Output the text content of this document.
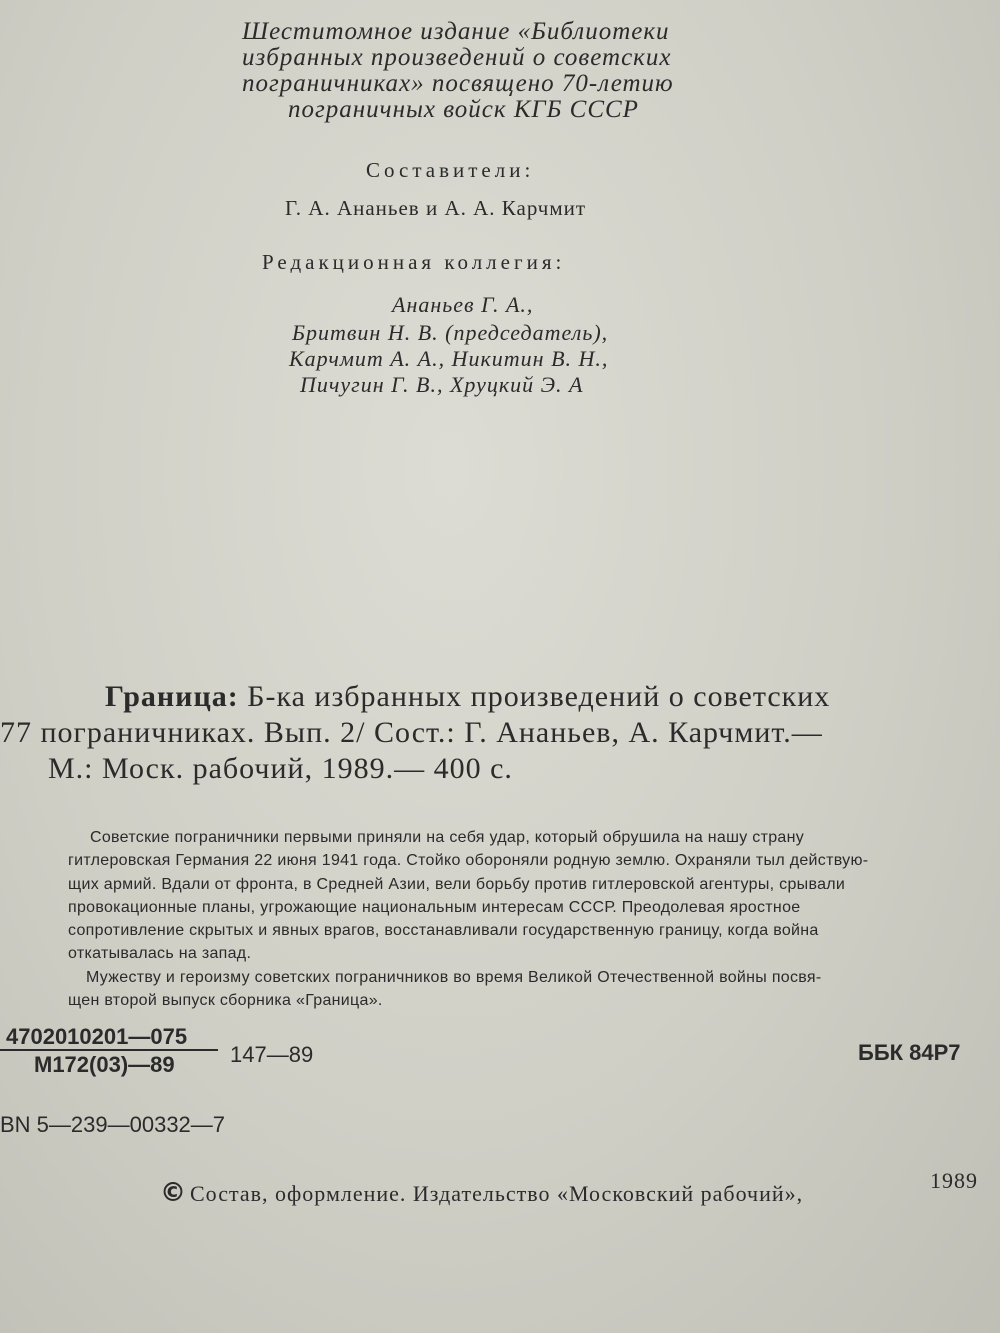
Шеститомное издание «Библиотеки
избранных произведений о советских
пограничниках» посвящено 70-летию
пограничных войск КГБ СССР
Составители:
Г. А. Ананьев и А. А. Карчмит
Редакционная коллегия:
Ананьев Г. А.,
Бритвин Н. В. (председатель),
Карчмит А. А., Никитин В. Н.,
Пичугин Г. В., Хруцкий Э. А
Граница: Б-ка избранных произведений о советских
77 пограничниках. Вып. 2/ Сост.: Г. Ананьев, А. Карчмит.—
М.: Моск. рабочий, 1989.— 400 с.
Советские пограничники первыми приняли на себя удар, который обрушила на нашу страну
гитлеровская Германия 22 июня 1941 года. Стойко обороняли родную землю. Охраняли тыл действую-
щих армий. Вдали от фронта, в Средней Азии, вели борьбу против гитлеровской агентуры, срывали
провокационные планы, угрожающие национальным интересам СССР. Преодолевая яростное
сопротивление скрытых и явных врагов, восстанавливали государственную границу, когда война
откатывалась на запад.
Мужеству и героизму советских пограничников во время Великой Отечественной войны посвя-
щен второй выпуск сборника «Граница».
4702010201—075
М172(03)—89	147—89	ББК 84Р7
BN 5—239—00332—7
© Состав, оформление. Издательство «Московский рабочий»,
1989
